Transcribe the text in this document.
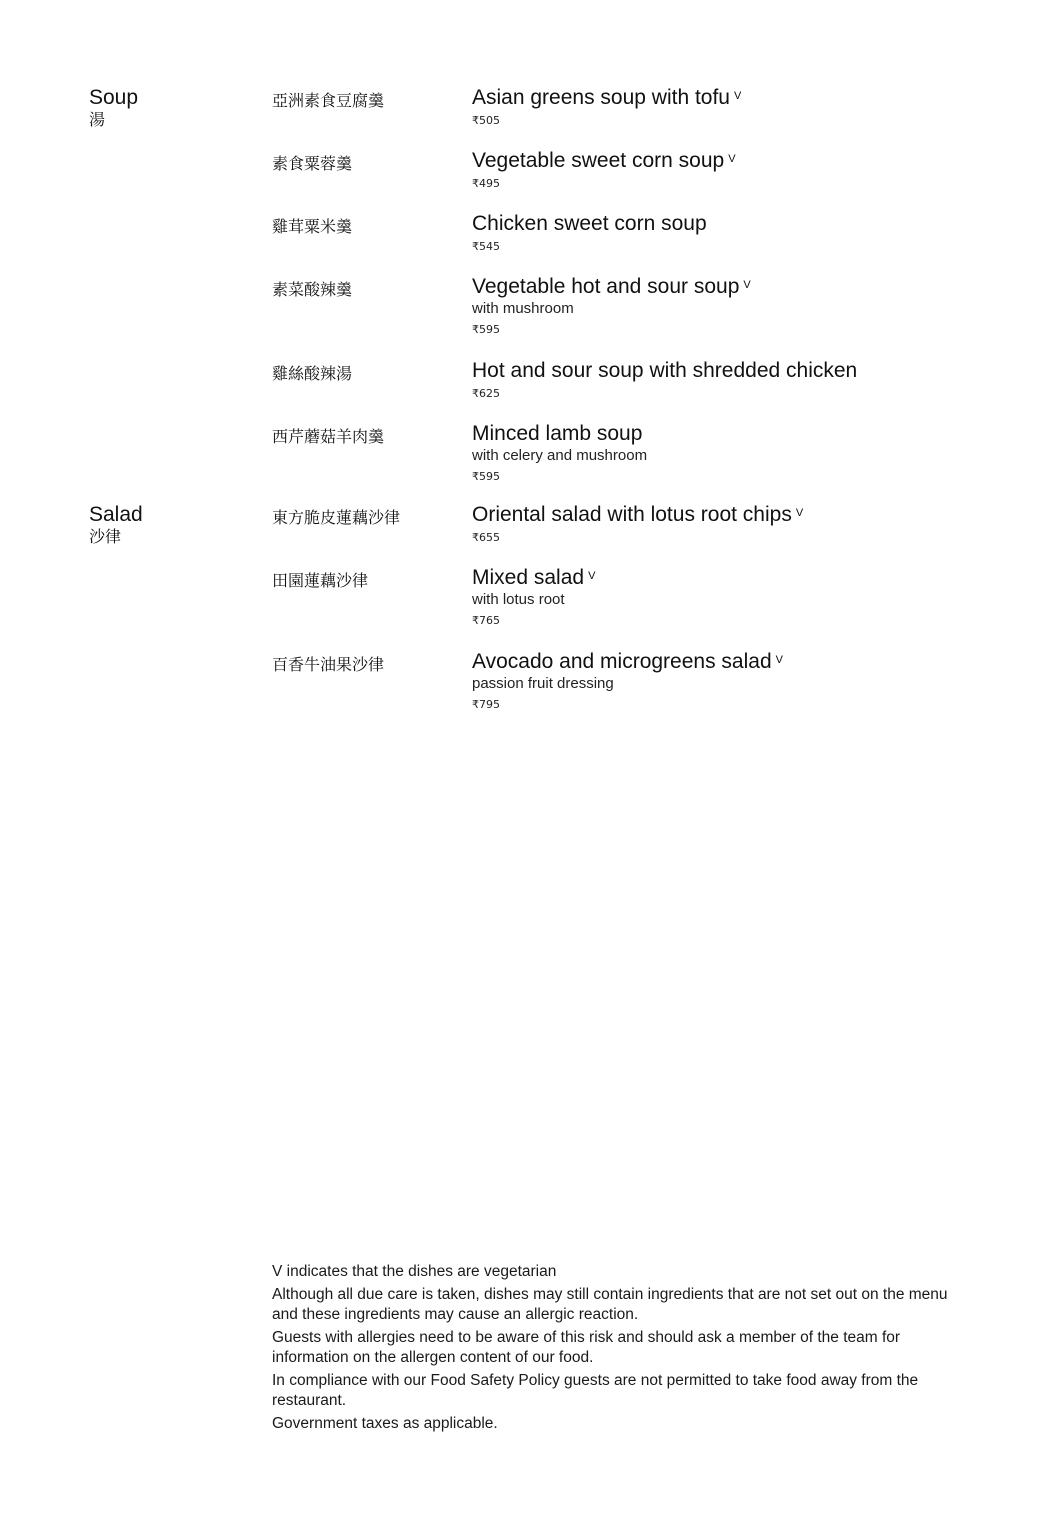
Soup
湯
亞洲素食豆腐羹	Asian greens soup with tofu $^V$
₹505
素食粟蓉羹	Vegetable sweet corn soup $^V$
₹495
雞茸粟米羹	Chicken sweet corn soup
₹545
素菜酸辣羹	Vegetable hot and sour soup $^V$
with mushroom
₹595
雞絲酸辣湯	Hot and sour soup with shredded chicken
₹625
西芹蘑菇羊肉羹	Minced lamb soup
with celery and mushroom
₹595
Salad
沙律
東方脆皮蓮藕沙律	Oriental salad with lotus root chips $^V$
₹655
田園蓮藕沙律	Mixed salad $^V$
with lotus root
₹765
百香牛油果沙律	Avocado and microgreens salad $^V$
passion fruit dressing
₹795

V indicates that the dishes are vegetarian

Although all due care is taken, dishes may still contain ingredients that are not set out on the menu and these ingredients may cause an allergic reaction.

Guests with allergies need to be aware of this risk and should ask a member of the team for information on the allergen content of our food.

In compliance with our Food Safety Policy guests are not permitted to take food away from the restaurant.

Government taxes as applicable.
